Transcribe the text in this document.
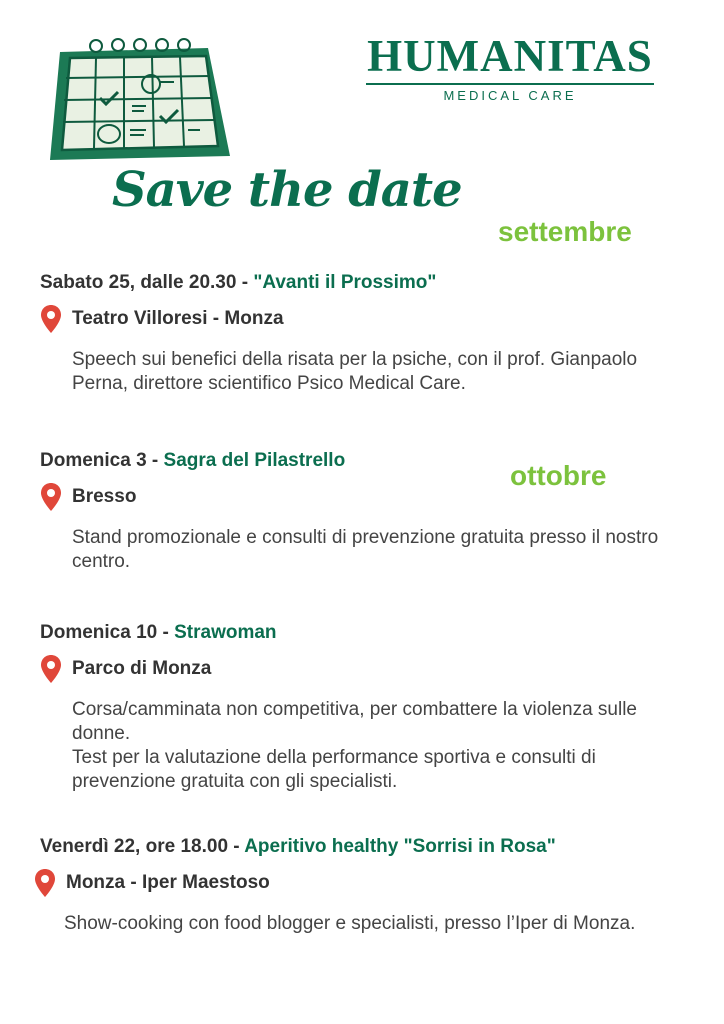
HUMANITAS
MEDICAL CARE
Save the date
settembre
ottobre
Sabato 25, dalle 20.30 - "Avanti il Prossimo"
Teatro Villoresi - Monza

Speech sui benefici della risata per la psiche, con il prof. Gianpaolo Perna, direttore scientifico Psico Medical Care.

Domenica 3 - Sagra del Pilastrello
Bresso

Stand promozionale e consulti di prevenzione gratuita presso il nostro centro.

Domenica 10 - Strawoman
Parco di Monza

Corsa/camminata non competitiva, per combattere la violenza sulle donne.

Test per la valutazione della performance sportiva e consulti di prevenzione gratuita con gli specialisti.

Venerdì 22, ore 18.00 - Aperitivo healthy "Sorrisi in Rosa"
Monza - Iper Maestoso

Show-cooking con food blogger e specialisti, presso l’Iper di Monza.
